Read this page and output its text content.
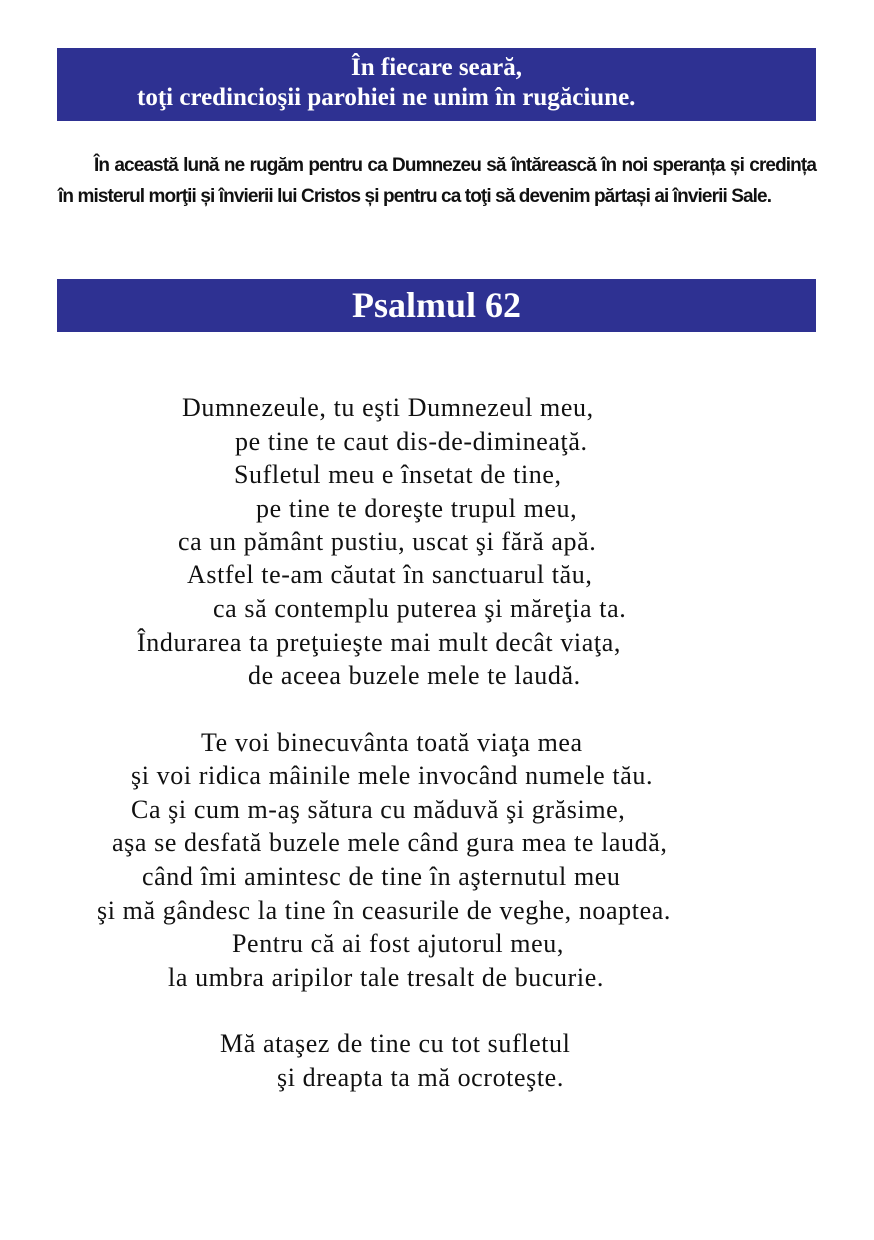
În fiecare seară,
toţi credincioşii parohiei ne unim în rugăciune.
În această lună ne rugăm pentru ca Dumnezeu să întărească în noi speranța și credința în misterul morţii și învierii lui Cristos și pentru ca toţi să devenim părtași ai învierii Sale.
Psalmul 62
Dumnezeule, tu eşti Dumnezeul meu,
pe tine te caut dis-de-dimineaţă.
Sufletul meu e însetat de tine,
pe tine te doreşte trupul meu,
ca un pământ pustiu, uscat şi fără apă.
Astfel te-am căutat în sanctuarul tău,
ca să contemplu puterea şi măreţia ta.
Îndurarea ta preţuieşte mai mult decât viaţa,
de aceea buzele mele te laudă.
Te voi binecuvânta toată viaţa mea
şi voi ridica mâinile mele invocând numele tău.
Ca şi cum m-aş sătura cu măduvă şi grăsime,
aşa se desfată buzele mele când gura mea te laudă,
când îmi amintesc de tine în aşternutul meu
şi mă gândesc la tine în ceasurile de veghe, noaptea.
Pentru că ai fost ajutorul meu,
la umbra aripilor tale tresalt de bucurie.
Mă ataşez de tine cu tot sufletul
şi dreapta ta mă ocroteşte.
